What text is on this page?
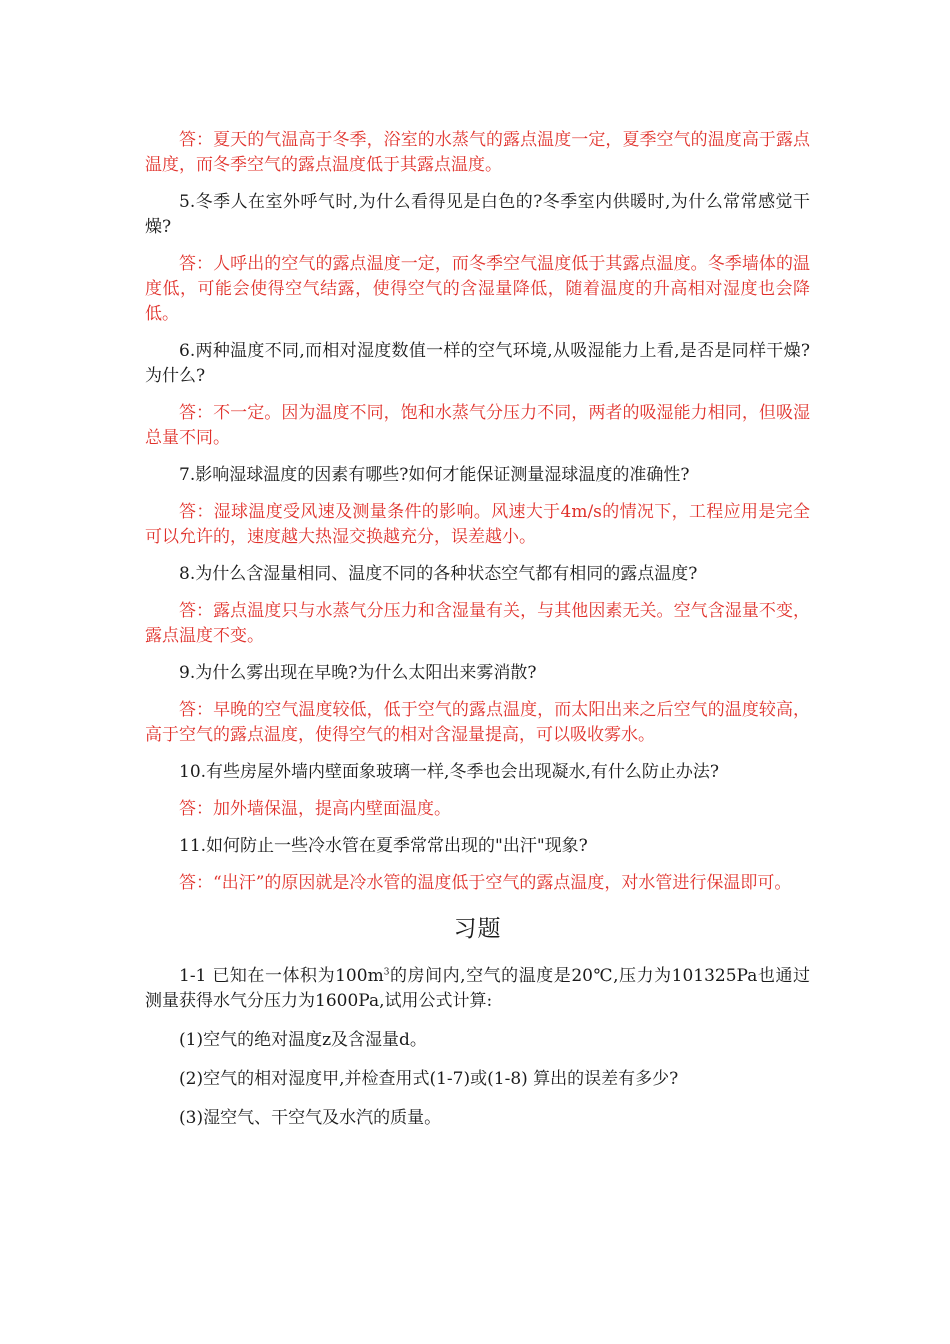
答：夏天的气温高于冬季，浴室的水蒸气的露点温度一定，夏季空气的温度高于露点温度，而冬季空气的露点温度低于其露点温度。

5.冬季人在室外呼气时,为什么看得见是白色的?冬季室内供暖时,为什么常常感觉干燥?

答：人呼出的空气的露点温度一定，而冬季空气温度低于其露点温度。冬季墙体的温度低，可能会使得空气结露，使得空气的含湿量降低，随着温度的升高相对湿度也会降低。

6.两种温度不同,而相对湿度数值一样的空气环境,从吸湿能力上看,是否是同样干燥?为什么?

答：不一定。因为温度不同，饱和水蒸气分压力不同，两者的吸湿能力相同，但吸湿总量不同。

7.影响湿球温度的因素有哪些?如何才能保证测量湿球温度的准确性?

答：湿球温度受风速及测量条件的影响。风速大于4m/s的情况下，工程应用是完全可以允许的，速度越大热湿交换越充分，误差越小。

8.为什么含湿量相同、温度不同的各种状态空气都有相同的露点温度?

答：露点温度只与水蒸气分压力和含湿量有关，与其他因素无关。空气含湿量不变，露点温度不变。

9.为什么雾出现在早晚?为什么太阳出来雾消散?

答：早晚的空气温度较低，低于空气的露点温度，而太阳出来之后空气的温度较高，高于空气的露点温度，使得空气的相对含湿量提高，可以吸收雾水。

10.有些房屋外墙内壁面象玻璃一样,冬季也会出现凝水,有什么防止办法?

答：加外墙保温，提高内壁面温度。

11.如何防止一些冷水管在夏季常常出现的"出汗"现象?

答：“出汗”的原因就是冷水管的温度低于空气的露点温度，对水管进行保温即可。

习题

1-1 已知在一体积为$100m^3$的房间内,空气的温度是20℃,压力为101325Pa也通过测量获得水气分压力为1600Pa,试用公式计算:

(1)空气的绝对温度z及含湿量d。

(2)空气的相对湿度甲,并检查用式(1-7)或(1-8) 算出的误差有多少?

(3)湿空气、干空气及水汽的质量。
